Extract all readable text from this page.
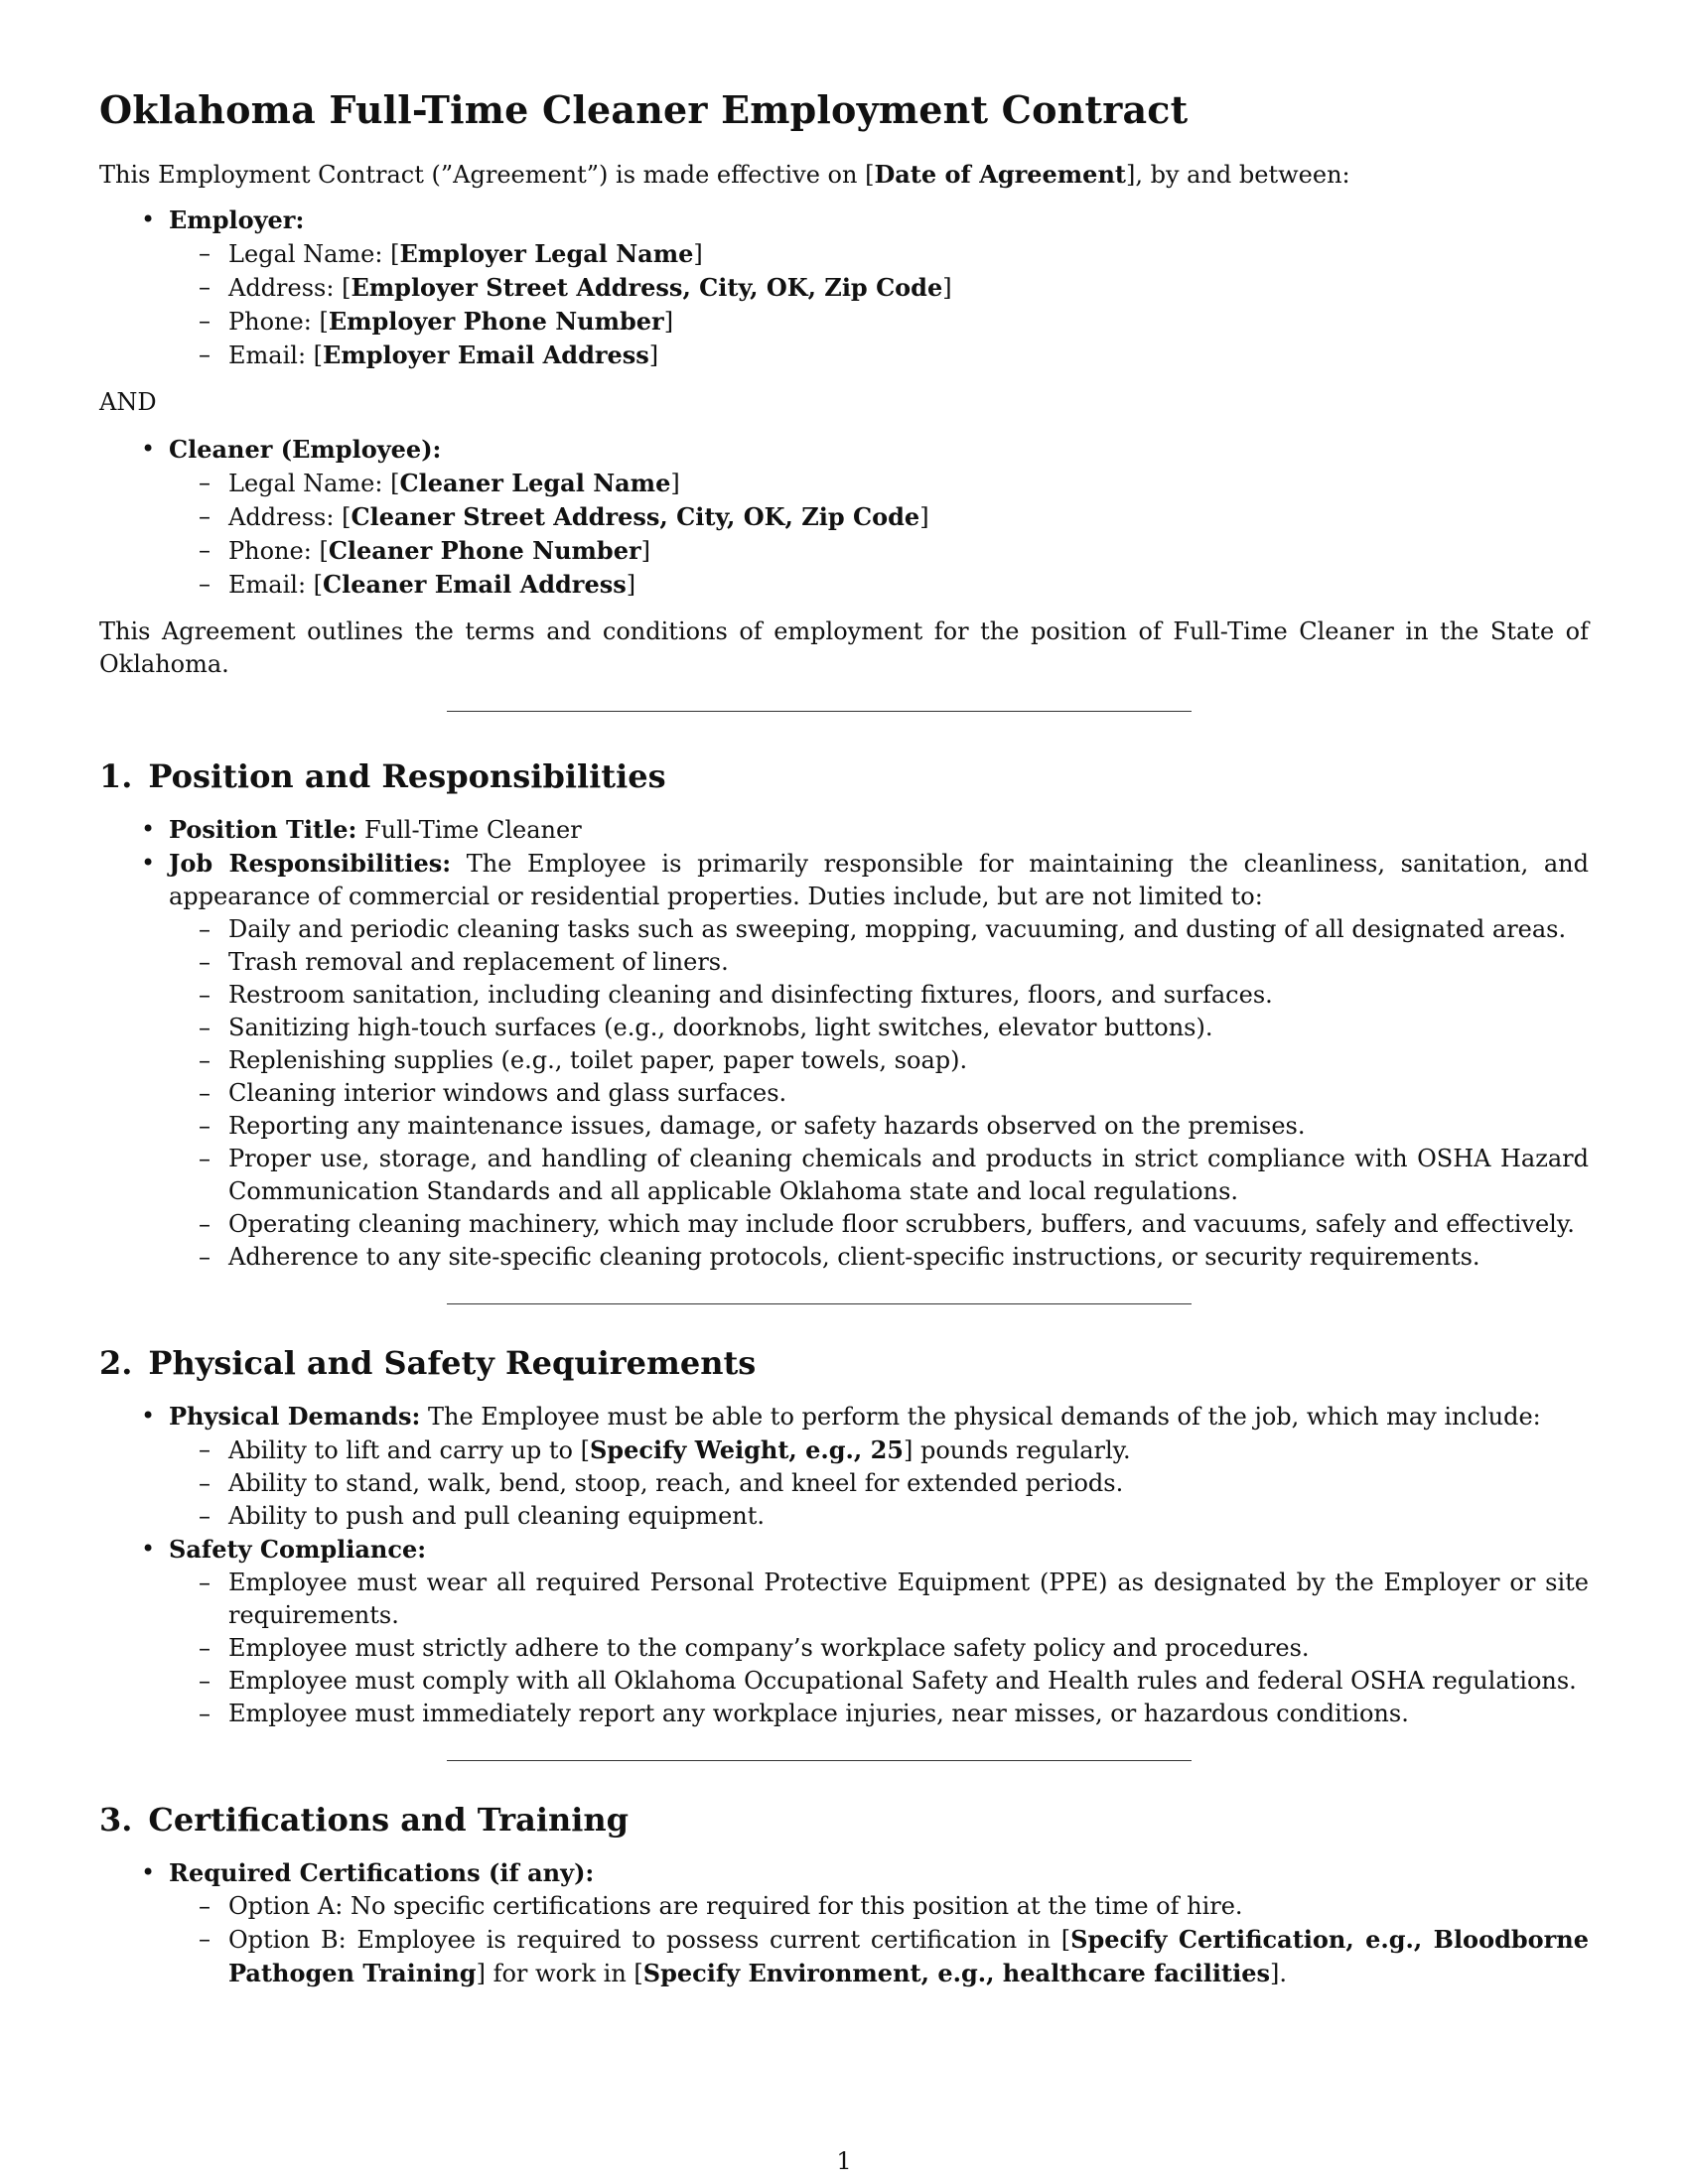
Oklahoma Full-Time Cleaner Employment Contract

This Employment Contract (”Agreement”) is made effective on [Date of Agreement], by and between:

• Employer:
– Legal Name: [Employer Legal Name]
– Address: [Employer Street Address, City, OK, Zip Code]
– Phone: [Employer Phone Number]
– Email: [Employer Email Address]

AND

• Cleaner (Employee):
– Legal Name: [Cleaner Legal Name]
– Address: [Cleaner Street Address, City, OK, Zip Code]
– Phone: [Cleaner Phone Number]
– Email: [Cleaner Email Address]

This Agreement outlines the terms and conditions of employment for the position of Full-Time Cleaner in the State of Oklahoma.

1. Position and Responsibilities
• Position Title: Full-Time Cleaner
• Job Responsibilities: The Employee is primarily responsible for maintaining the cleanliness, sanitation, and appearance of commercial or residential properties. Duties include, but are not limited to:
– Daily and periodic cleaning tasks such as sweeping, mopping, vacuuming, and dusting of all designated areas.
– Trash removal and replacement of liners.
– Restroom sanitation, including cleaning and disinfecting fixtures, floors, and surfaces.
– Sanitizing high-touch surfaces (e.g., doorknobs, light switches, elevator buttons).
– Replenishing supplies (e.g., toilet paper, paper towels, soap).
– Cleaning interior windows and glass surfaces.
– Reporting any maintenance issues, damage, or safety hazards observed on the premises.
– Proper use, storage, and handling of cleaning chemicals and products in strict compliance with OSHA Hazard Communication Standards and all applicable Oklahoma state and local regulations.
– Operating cleaning machinery, which may include floor scrubbers, buffers, and vacuums, safely and effectively.
– Adherence to any site-specific cleaning protocols, client-specific instructions, or security requirements.
2. Physical and Safety Requirements
• Physical Demands: The Employee must be able to perform the physical demands of the job, which may include:
– Ability to lift and carry up to [Specify Weight, e.g., 25] pounds regularly.
– Ability to stand, walk, bend, stoop, reach, and kneel for extended periods.
– Ability to push and pull cleaning equipment.
• Safety Compliance:
– Employee must wear all required Personal Protective Equipment (PPE) as designated by the Employer or site requirements.
– Employee must strictly adhere to the company’s workplace safety policy and procedures.
– Employee must comply with all Oklahoma Occupational Safety and Health rules and federal OSHA regulations.
– Employee must immediately report any workplace injuries, near misses, or hazardous conditions.
3. Certifications and Training
• Required Certifications (if any):
– Option A: No specific certifications are required for this position at the time of hire.
– Option B: Employee is required to possess current certification in [Specify Certification, e.g., Bloodborne Pathogen Training] for work in [Specify Environment, e.g., healthcare facilities].
1
